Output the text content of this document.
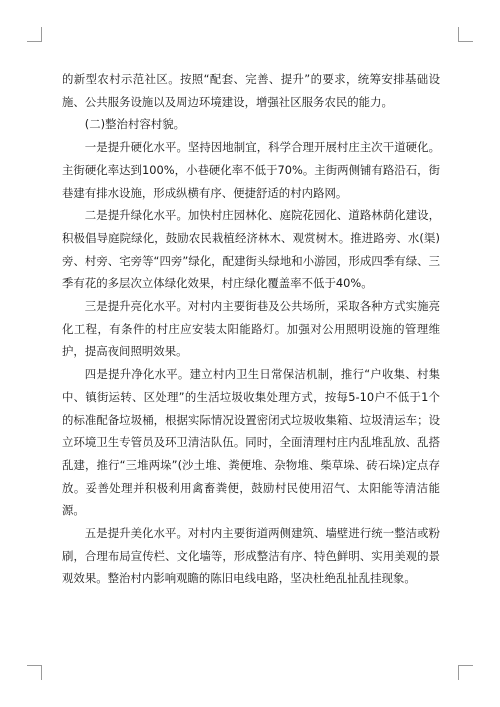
的新型农村示范社区。按照“配套、完善、提升”的要求，统筹安排基础设施、公共服务设施以及周边环境建设，增强社区服务农民的能力。

(二)整治村容村貌。

一是提升硬化水平。坚持因地制宜，科学合理开展村庄主次干道硬化。主街硬化率达到100%，小巷硬化率不低于70%。主街两侧铺有路沿石，街巷建有排水设施，形成纵横有序、便捷舒适的村内路网。

二是提升绿化水平。加快村庄园林化、庭院花园化、道路林荫化建设，积极倡导庭院绿化，鼓励农民栽植经济林木、观赏树木。推进路旁、水(渠)旁、村旁、宅旁等“四旁”绿化，配建街头绿地和小游园，形成四季有绿、三季有花的多层次立体绿化效果，村庄绿化覆盖率不低于40%。

三是提升亮化水平。对村内主要街巷及公共场所，采取各种方式实施亮化工程，有条件的村庄应安装太阳能路灯。加强对公用照明设施的管理维护，提高夜间照明效果。

四是提升净化水平。建立村内卫生日常保洁机制，推行“户收集、村集中、镇街运转、区处理”的生活垃圾收集处理方式，按每5-10户不低于1个的标准配备垃圾桶，根据实际情况设置密闭式垃圾收集箱、垃圾清运车；设立环境卫生专管员及环卫清洁队伍。同时，全面清理村庄内乱堆乱放、乱搭乱建，推行“三堆两垛”(沙土堆、粪便堆、杂物堆、柴草垛、砖石垛)定点存放。妥善处理并积极利用禽畜粪便，鼓励村民使用沼气、太阳能等清洁能源。

五是提升美化水平。对村内主要街道两侧建筑、墙壁进行统一整洁或粉刷，合理布局宣传栏、文化墙等，形成整洁有序、特色鲜明、实用美观的景观效果。整治村内影响观瞻的陈旧电线电路，坚决杜绝乱扯乱挂现象。
